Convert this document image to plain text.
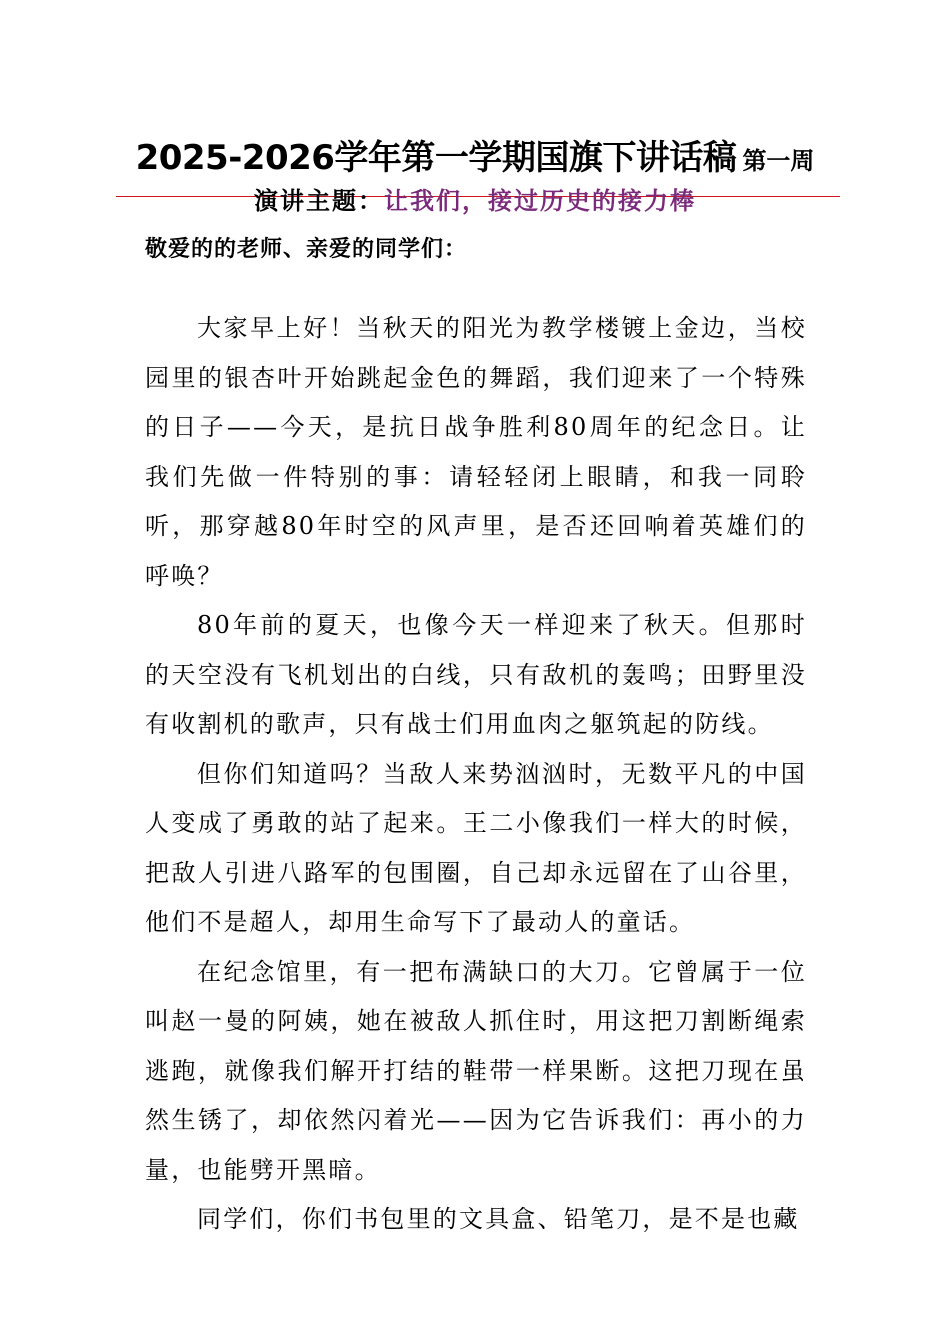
2025-2026学年第一学期国旗下讲话稿 第一周
演讲主题：让我们，接过历史的接力棒
敬爱的的老师、亲爱的同学们：

大家早上好！当秋天的阳光为教学楼镀上金边，当校园里的银杏叶开始跳起金色的舞蹈，我们迎来了一个特殊的日子——今天，是抗日战争胜利80周年的纪念日。让我们先做一件特别的事：请轻轻闭上眼睛，和我一同聆听，那穿越80年时空的风声里，是否还回响着英雄们的呼唤？

80年前的夏天，也像今天一样迎来了秋天。但那时的天空没有飞机划出的白线，只有敌机的轰鸣；田野里没有收割机的歌声，只有战士们用血肉之躯筑起的防线。

但你们知道吗？当敌人来势汹汹时，无数平凡的中国人变成了勇敢的站了起来。王二小像我们一样大的时候，把敌人引进八路军的包围圈，自己却永远留在了山谷里，他们不是超人，却用生命写下了最动人的童话。

在纪念馆里，有一把布满缺口的大刀。它曾属于一位叫赵一曼的阿姨，她在被敌人抓住时，用这把刀割断绳索逃跑，就像我们解开打结的鞋带一样果断。这把刀现在虽然生锈了，却依然闪着光——因为它告诉我们：再小的力量，也能劈开黑暗。

同学们，你们书包里的文具盒、铅笔刀，是不是也藏
